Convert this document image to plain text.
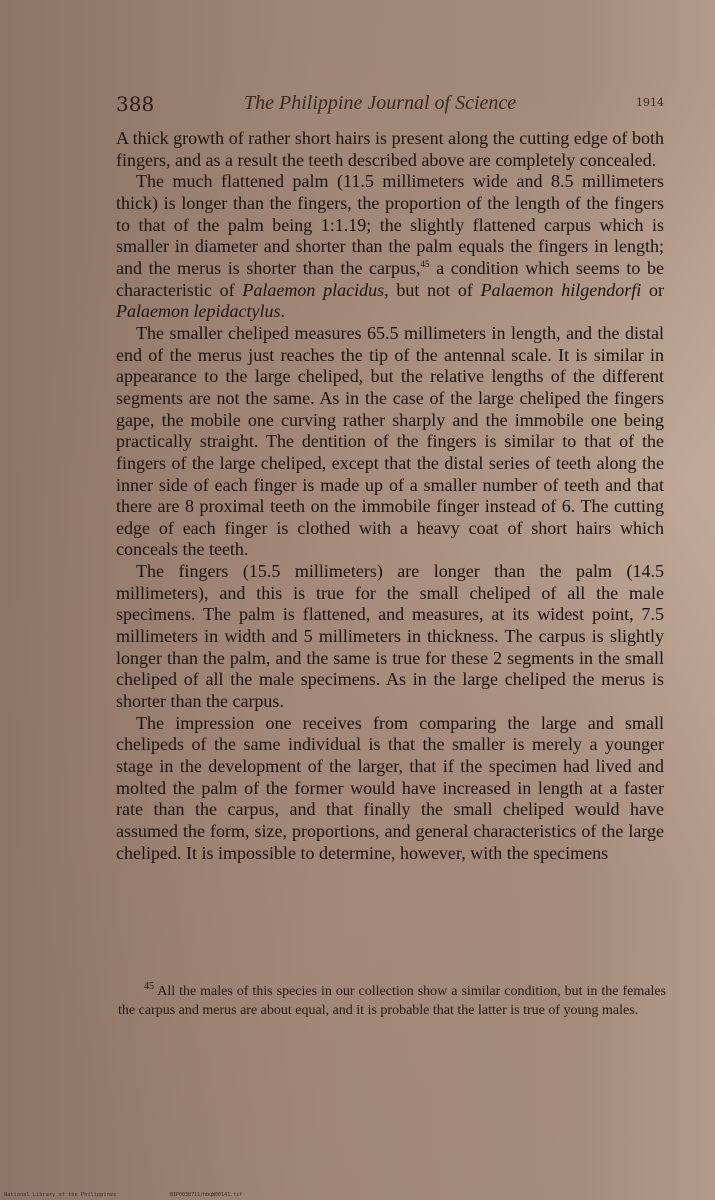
388	The Philippine Journal of Science	1914

A thick growth of rather short hairs is present along the cutting edge of both fingers, and as a result the teeth described above are completely concealed.

The much flattened palm (11.5 millimeters wide and 8.5 millimeters thick) is longer than the fingers, the proportion of the length of the fingers to that of the palm being 1:1.19; the slightly flattened carpus which is smaller in diameter and shorter than the palm equals the fingers in length; and the merus is shorter than the carpus,$^{45}$ a condition which seems to be characteristic of Palaemon placidus, but not of Palaemon hilgendorfi or Palaemon lepidactylus.

The smaller cheliped measures 65.5 millimeters in length, and the distal end of the merus just reaches the tip of the antennal scale. It is similar in appearance to the large cheliped, but the relative lengths of the different segments are not the same. As in the case of the large cheliped the fingers gape, the mobile one curving rather sharply and the immobile one being practically straight. The dentition of the fingers is similar to that of the fingers of the large cheliped, except that the distal series of teeth along the inner side of each finger is made up of a smaller number of teeth and that there are 8 proximal teeth on the immobile finger instead of 6. The cutting edge of each finger is clothed with a heavy coat of short hairs which conceals the teeth.

The fingers (15.5 millimeters) are longer than the palm (14.5 millimeters), and this is true for the small cheliped of all the male specimens. The palm is flattened, and measures, at its widest point, 7.5 millimeters in width and 5 millimeters in thickness. The carpus is slightly longer than the palm, and the same is true for these 2 segments in the small cheliped of all the male specimens. As in the large cheliped the merus is shorter than the carpus.

The impression one receives from comparing the large and small chelipeds of the same individual is that the smaller is merely a younger stage in the development of the larger, that if the specimen had lived and molted the palm of the former would have increased in length at a faster rate than the carpus, and that finally the small cheliped would have assumed the form, size, proportions, and general characteristics of the large cheliped. It is impossible to determine, however, with the specimens

$^{45}$ All the males of this species in our collection show a similar condition, but in the females the carpus and merus are about equal, and it is probable that the latter is true of young males.
National Library of the Philippines	BIP0038711/hbqW00141.tif
